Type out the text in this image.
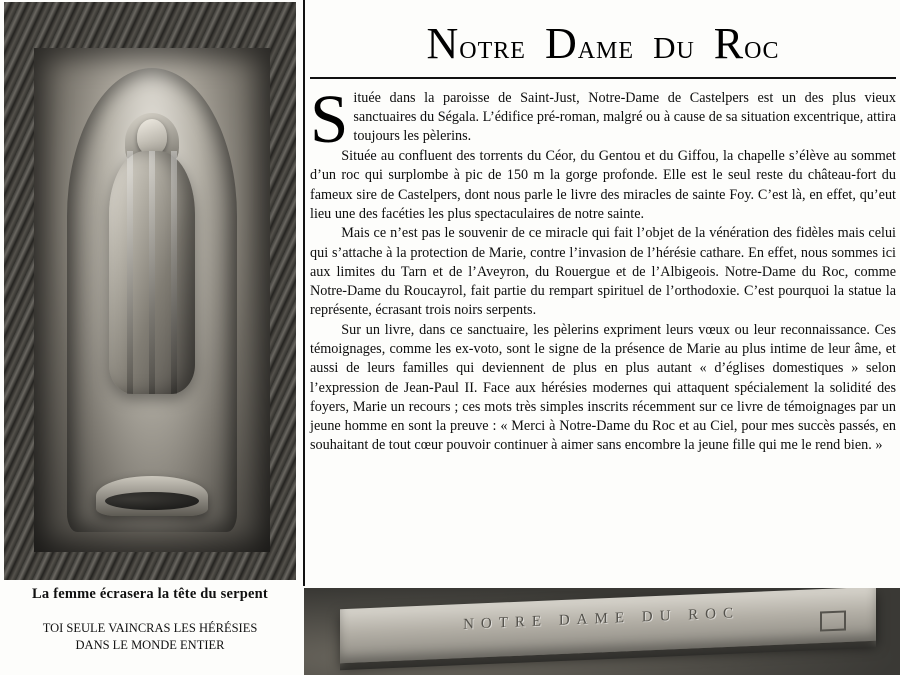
La femme écrasera la tête du serpent
TOI SEULE VAINCRAS LES HÉRÉSIES
DANS LE MONDE ENTIER
Notre Dame du Roc

Située dans la paroisse de Saint-Just, Notre-Dame de Castelpers est un des plus vieux sanctuaires du Ségala. L’édifice pré-roman, malgré ou à cause de sa situation excentrique, attira toujours les pèlerins.

Située au confluent des torrents du Céor, du Gentou et du Giffou, la chapelle s’élève au sommet d’un roc qui surplombe à pic de 150 m la gorge profonde. Elle est le seul reste du château-fort du fameux sire de Castelpers, dont nous parle le livre des miracles de sainte Foy. C’est là, en effet, qu’eut lieu une des facéties les plus spectaculaires de notre sainte.

Mais ce n’est pas le souvenir de ce miracle qui fait l’objet de la vénération des fidèles mais celui qui s’attache à la protection de Marie, contre l’invasion de l’hérésie cathare. En effet, nous sommes ici aux limites du Tarn et de l’Aveyron, du Rouergue et de l’Albigeois. Notre-Dame du Roc, comme Notre-Dame du Roucayrol, fait partie du rempart spirituel de l’orthodoxie. C’est pourquoi la statue la représente, écrasant trois noirs serpents.

Sur un livre, dans ce sanctuaire, les pèlerins expriment leurs vœux ou leur reconnaissance. Ces témoignages, comme les ex-voto, sont le signe de la présence de Marie au plus intime de leur âme, et aussi de leurs familles qui deviennent de plus en plus autant « d’églises domestiques » selon l’expression de Jean-Paul II. Face aux hérésies modernes qui attaquent spécialement la solidité des foyers, Marie un recours ; ces mots très simples inscrits récemment sur ce livre de témoignages par un jeune homme en sont la preuve : « Merci à Notre-Dame du Roc et au Ciel, pour mes succès passés, en souhaitant de tout cœur pouvoir continuer à aimer sans encombre la jeune fille qui me le rend bien. »

NOTRE DAME DU ROC
